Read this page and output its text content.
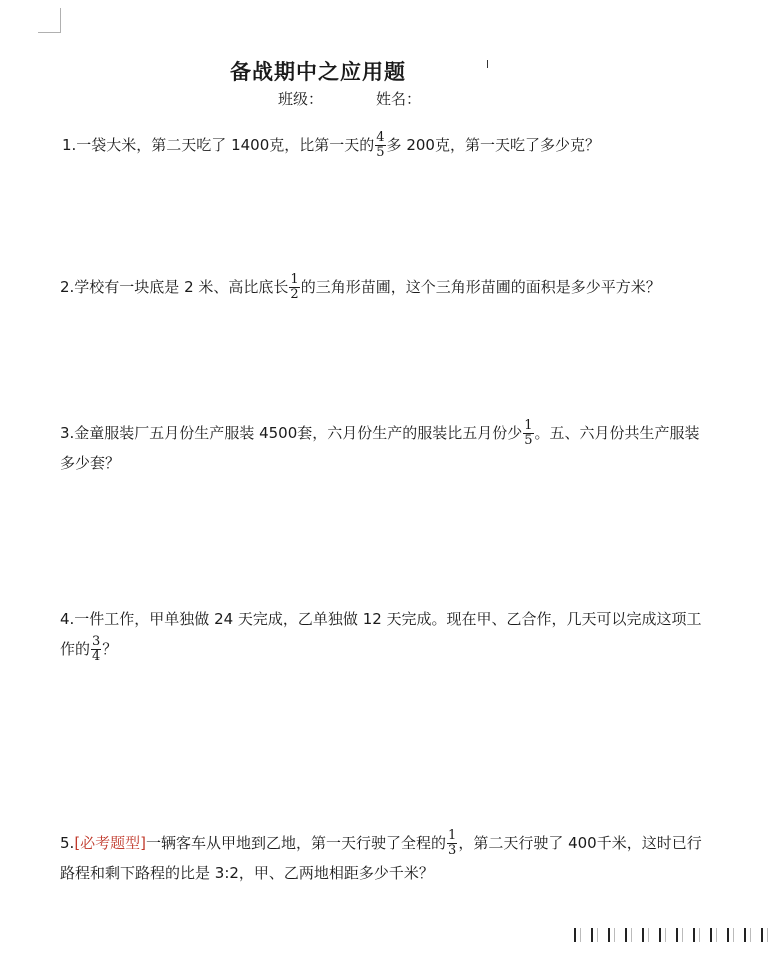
备战期中之应用题
班级：	姓名：
1.一袋大米，第二天吃了 1400克，比第一天的 $\frac{4}{5}$ 多 200克，第一天吃了多少克？
2.学校有一块底是 2 米、高比底长 $\frac{1}{2}$ 的三角形苗圃，这个三角形苗圃的面积是多少平方米？
3.金童服装厂五月份生产服装 4500套，六月份生产的服装比五月份少 $\frac{1}{5}$ 。五、六月份共生产服装
多少套？
4.一件工作，甲单独做 24 天完成，乙单独做 12 天完成。现在甲、乙合作，几天可以完成这项工
作的 $\frac{3}{4}$ ？
5.[必考题型]一辆客车从甲地到乙地，第一天行驶了全程的 $\frac{1}{3}$ ，第二天行驶了 400千米，这时已行
路程和剩下路程的比是 3:2，甲、乙两地相距多少千米？
